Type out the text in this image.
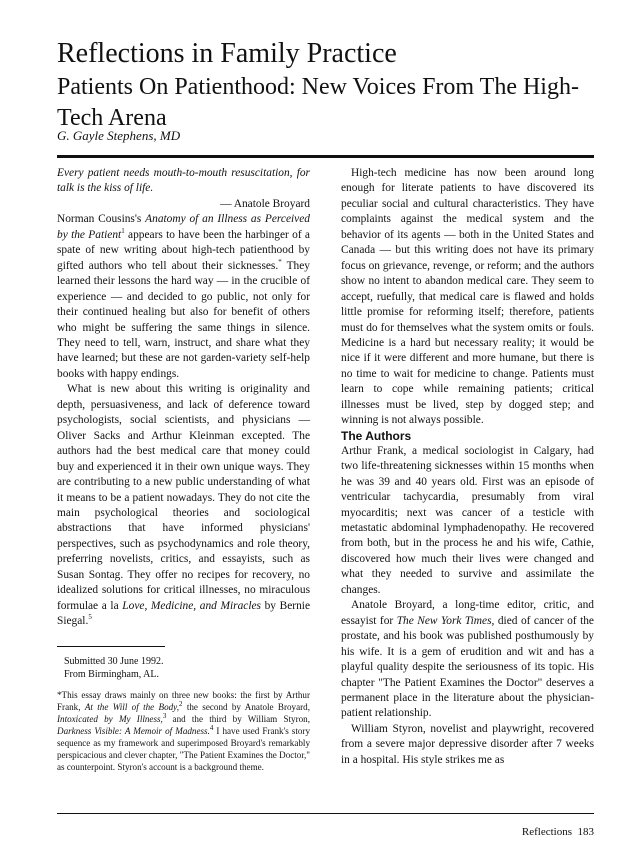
Reflections in Family Practice
Patients On Patienthood: New Voices From The High-Tech Arena

G. Gayle Stephens, MD

Every patient needs mouth-to-mouth resuscitation, for talk is the kiss of life.

— Anatole Broyard

Norman Cousins's Anatomy of an Illness as Perceived by the Patient$^1$ appears to have been the harbinger of a spate of new writing about high-tech patienthood by gifted authors who tell about their sicknesses.* They learned their lessons the hard way — in the crucible of experience — and decided to go public, not only for their continued healing but also for benefit of others who might be suffering the same things in silence. They need to tell, warn, instruct, and share what they have learned; but these are not garden-variety self-help books with happy endings.

What is new about this writing is originality and depth, persuasiveness, and lack of deference toward psychologists, social scientists, and physicians — Oliver Sacks and Arthur Kleinman excepted. The authors had the best medical care that money could buy and experienced it in their own unique ways. They are contributing to a new public understanding of what it means to be a patient nowadays. They do not cite the main psychological theories and sociological abstractions that have informed physicians' perspectives, such as psychodynamics and role theory, preferring novelists, critics, and essayists, such as Susan Sontag. They offer no recipes for recovery, no idealized solutions for critical illnesses, no miraculous formulae a la Love, Medicine, and Miracles by Bernie Siegal.$^5$

Submitted 30 June 1992.
From Birmingham, AL.

*This essay draws mainly on three new books: the first by Arthur Frank, At the Will of the Body,$^2$ the second by Anatole Broyard, Intoxicated by My Illness,$^3$ and the third by William Styron, Darkness Visible: A Memoir of Madness.$^4$ I have used Frank's story sequence as my framework and superimposed Broyard's remarkably perspicacious and clever chapter, "The Patient Examines the Doctor," as counterpoint. Styron's account is a background theme.

High-tech medicine has now been around long enough for literate patients to have discovered its peculiar social and cultural characteristics. They have complaints against the medical system and the behavior of its agents — both in the United States and Canada — but this writing does not have its primary focus on grievance, revenge, or reform; and the authors show no intent to abandon medical care. They seem to accept, ruefully, that medical care is flawed and holds little promise for reforming itself; therefore, patients must do for themselves what the system omits or fouls. Medicine is a hard but necessary reality; it would be nice if it were different and more humane, but there is no time to wait for medicine to change. Patients must learn to cope while remaining patients; critical illnesses must be lived, step by dogged step; and winning is not always possible.

The Authors

Arthur Frank, a medical sociologist in Calgary, had two life-threatening sicknesses within 15 months when he was 39 and 40 years old. First was an episode of ventricular tachycardia, presumably from viral myocarditis; next was cancer of a testicle with metastatic abdominal lymphadenopathy. He recovered from both, but in the process he and his wife, Cathie, discovered how much their lives were changed and what they needed to survive and assimilate the changes.

Anatole Broyard, a long-time editor, critic, and essayist for The New York Times, died of cancer of the prostate, and his book was published posthumously by his wife. It is a gem of erudition and wit and has a playful quality despite the seriousness of its topic. His chapter "The Patient Examines the Doctor" deserves a permanent place in the literature about the physician-patient relationship.

William Styron, novelist and playwright, recovered from a severe major depressive disorder after 7 weeks in a hospital. His style strikes me as

Reflections 183
